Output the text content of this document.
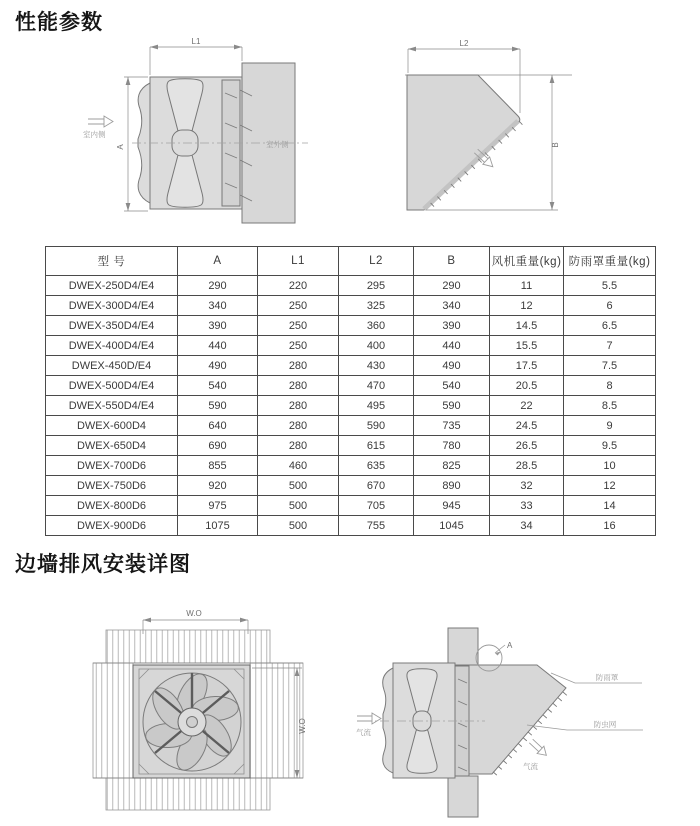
性能参数
L1
A
室内侧
室外侧
L2
B
型 号	A	L1	L2	B	风机重量(kg)	防雨罩重量(kg)
DWEX-250D4/E4	290	220	295	290	11	5.5
DWEX-300D4/E4	340	250	325	340	12	6
DWEX-350D4/E4	390	250	360	390	14.5	6.5
DWEX-400D4/E4	440	250	400	440	15.5	7
DWEX-450D/E4	490	280	430	490	17.5	7.5
DWEX-500D4/E4	540	280	470	540	20.5	8
DWEX-550D4/E4	590	280	495	590	22	8.5
DWEX-600D4	640	280	590	735	24.5	9
DWEX-650D4	690	280	615	780	26.5	9.5
DWEX-700D6	855	460	635	825	28.5	10
DWEX-750D6	920	500	670	890	32	12
DWEX-800D6	975	500	705	945	33	14
DWEX-900D6	1075	500	755	1045	34	16
边墙排风安装详图
W.O
W.O
A
防雨罩
防虫网
气流
气流
